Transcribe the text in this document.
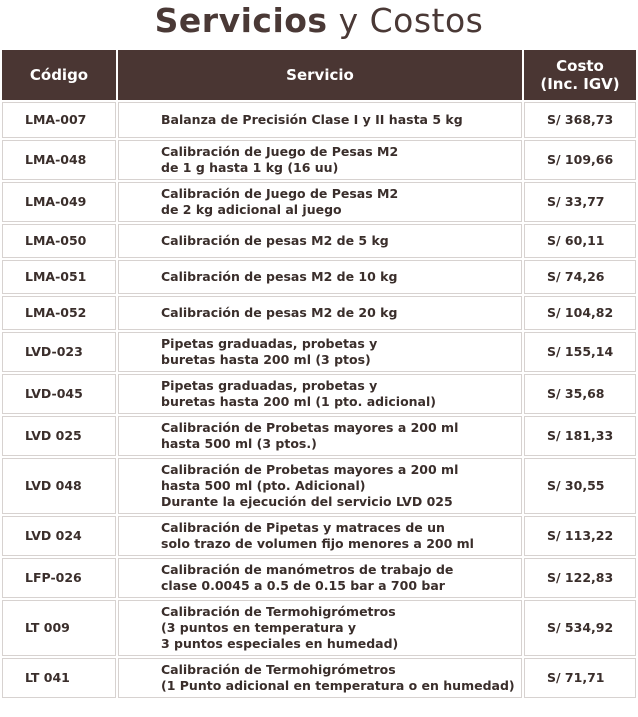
Servicios y Costos
Código	Servicio	Costo
(Inc. IGV)
LMA-007	Balanza de Precisión Clase I y II hasta 5 kg	S/ 368,73
LMA-048	Calibración de Juego de Pesas M2
de 1 g hasta 1 kg (16 uu)	S/ 109,66
LMA-049	Calibración de Juego de Pesas M2
de 2 kg adicional al juego	S/ 33,77
LMA-050	Calibración de pesas M2 de 5 kg	S/ 60,11
LMA-051	Calibración de pesas M2 de 10 kg	S/ 74,26
LMA-052	Calibración de pesas M2 de 20 kg	S/ 104,82
LVD-023	Pipetas graduadas, probetas y
buretas hasta 200 ml (3 ptos)	S/ 155,14
LVD-045	Pipetas graduadas, probetas y
buretas hasta 200 ml (1 pto. adicional)	S/ 35,68
LVD 025	Calibración de Probetas mayores a 200 ml
hasta 500 ml (3 ptos.)	S/ 181,33
LVD 048	Calibración de Probetas mayores a 200 ml
hasta 500 ml (pto. Adicional)
Durante la ejecución del servicio LVD 025	S/ 30,55
LVD 024	Calibración de Pipetas y matraces de un
solo trazo de volumen fijo menores a 200 ml	S/ 113,22
LFP-026	Calibración de manómetros de trabajo de
clase 0.0045 a 0.5 de 0.15 bar a 700 bar	S/ 122,83
LT 009	Calibración de Termohigrómetros
(3 puntos en temperatura y
3 puntos especiales en humedad)	S/ 534,92
LT 041	Calibración de Termohigrómetros
(1 Punto adicional en temperatura o en humedad)	S/ 71,71
